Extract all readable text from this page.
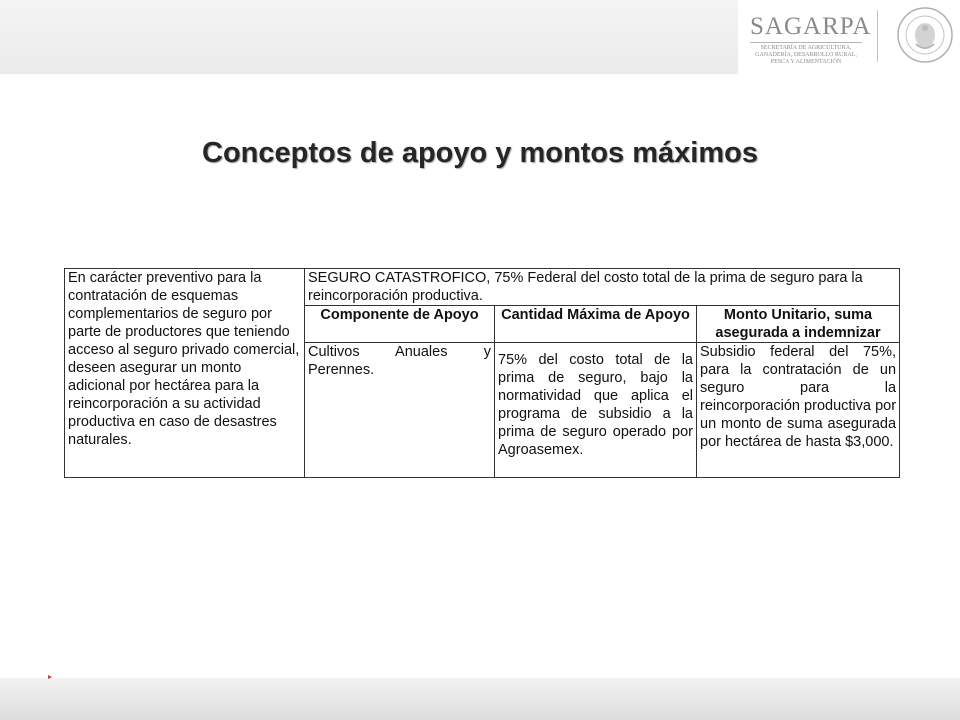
SAGARPA
SECRETARÍA DE AGRICULTURA,
GANADERÍA, DESARROLLO RURAL,
PESCA Y ALIMENTACIÓN
Conceptos de apoyo y montos máximos
En carácter preventivo para la contratación de esquemas complementarios de seguro por parte de productores que teniendo acceso al seguro privado comercial, deseen asegurar un monto adicional por hectárea para la reincorporación a su actividad productiva en caso de desastres naturales.	SEGURO CATASTROFICO, 75% Federal del costo total de la prima de seguro para la reincorporación productiva.		
	Componente de Apoyo	Cantidad Máxima de Apoyo	Monto Unitario, suma asegurada a indemnizar
	Cultivos Anuales y Perennes.	75% del costo total de la prima de seguro, bajo la normatividad que aplica el programa de subsidio a la prima de seguro operado por Agroasemex.	Subsidio federal del 75%, para la contratación de un seguro para la reincorporación productiva por un monto de suma asegurada por hectárea de hasta $3,000.
